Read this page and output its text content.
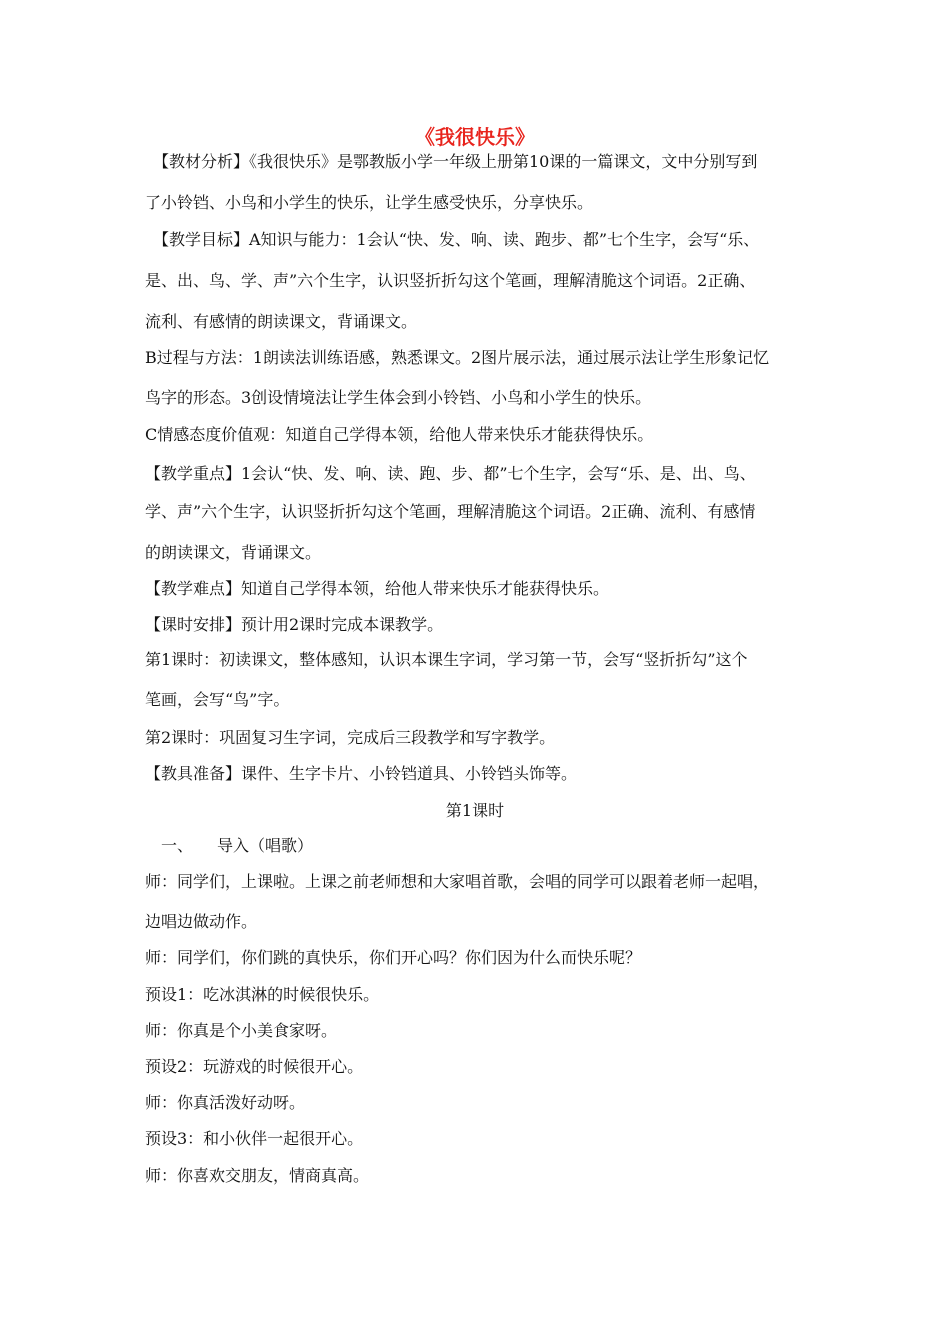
《我很快乐》
　【教材分析】《我很快乐》是鄂教版小学一年级上册第10课的一篇课文，文中分别写到
了小铃铛、小鸟和小学生的快乐，让学生感受快乐，分享快乐。
　【教学目标】A知识与能力：1会认“快、发、响、读、跑步、都”七个生字，会写“乐、
是、出、鸟、学、声”六个生字，认识竖折折勾这个笔画，理解清脆这个词语。2正确、
流利、有感情的朗读课文，背诵课文。
B过程与方法：1朗读法训练语感，熟悉课文。2图片展示法，通过展示法让学生形象记忆
鸟字的形态。3创设情境法让学生体会到小铃铛、小鸟和小学生的快乐。
C情感态度价值观：知道自己学得本领，给他人带来快乐才能获得快乐。
【教学重点】1会认“快、发、响、读、跑、步、都”七个生字，会写“乐、是、出、鸟、
学、声”六个生字，认识竖折折勾这个笔画，理解清脆这个词语。2正确、流利、有感情
的朗读课文，背诵课文。
【教学难点】知道自己学得本领，给他人带来快乐才能获得快乐。
【课时安排】预计用2课时完成本课教学。
第1课时：初读课文，整体感知，认识本课生字词，学习第一节，会写“竖折折勾”这个
笔画，会写“鸟”字。
第2课时：巩固复习生字词，完成后三段教学和写字教学。
【教具准备】课件、生字卡片、小铃铛道具、小铃铛头饰等。
第1课时
　一、　　导入（唱歌）
师：同学们，上课啦。上课之前老师想和大家唱首歌，会唱的同学可以跟着老师一起唱，
边唱边做动作。
师：同学们，你们跳的真快乐，你们开心吗？你们因为什么而快乐呢？
预设1：吃冰淇淋的时候很快乐。
师：你真是个小美食家呀。
预设2：玩游戏的时候很开心。
师：你真活泼好动呀。
预设3：和小伙伴一起很开心。
师：你喜欢交朋友，情商真高。
